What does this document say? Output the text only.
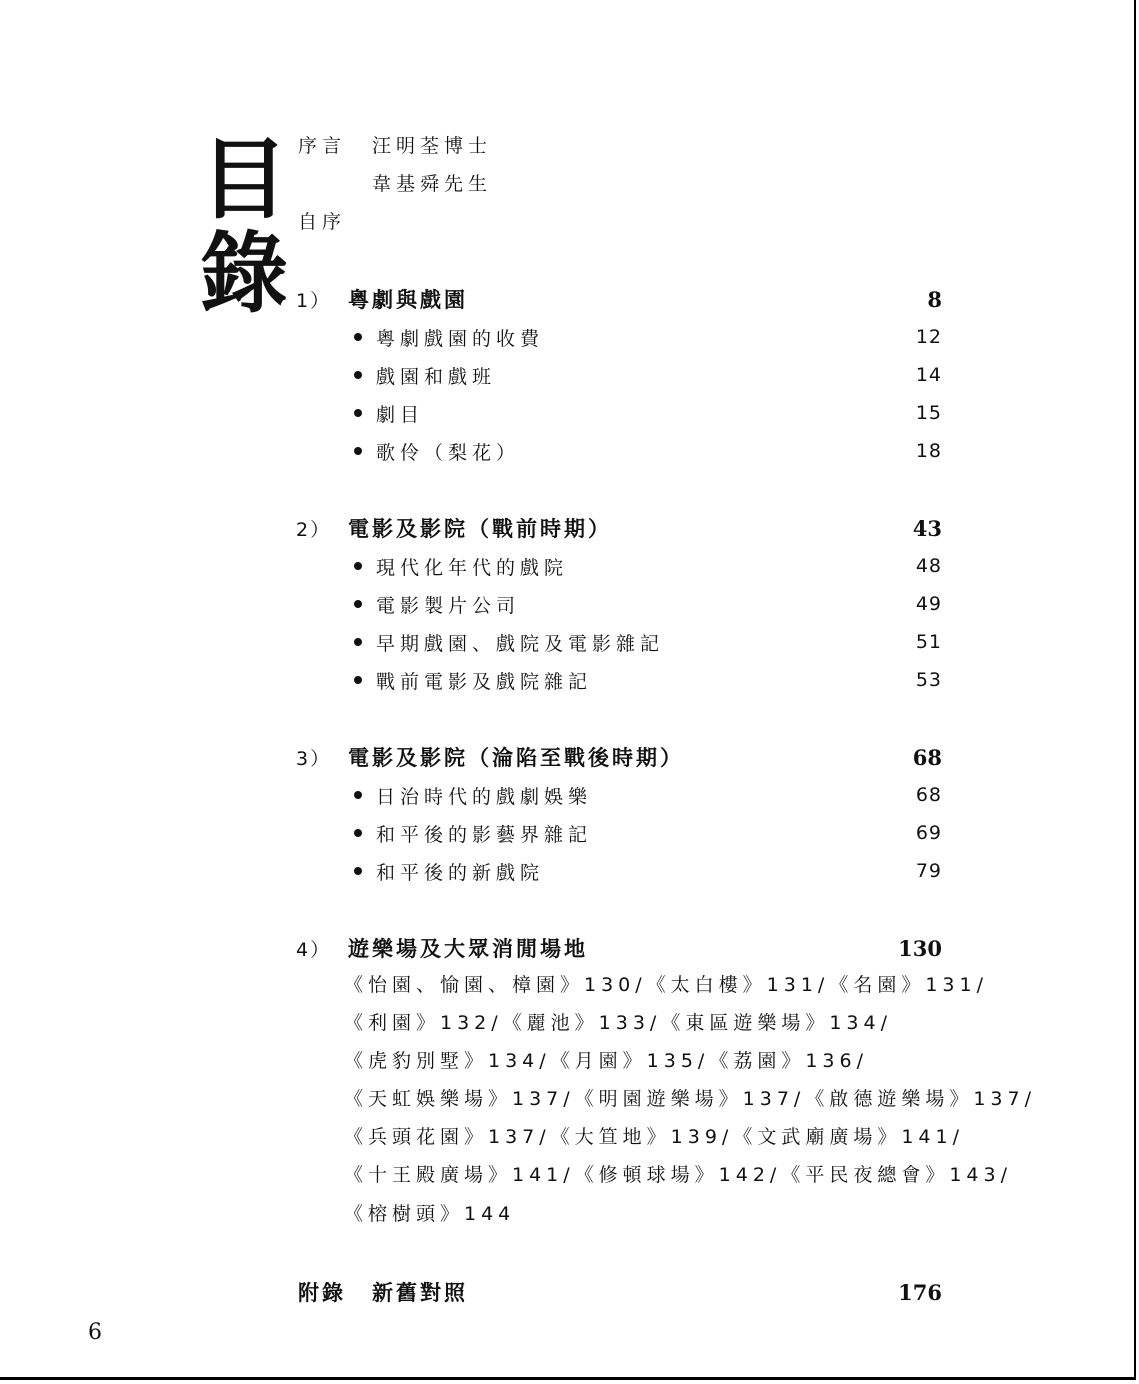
目
錄
序言 汪明荃博士
韋基舜先生
自序
1） 粵劇與戲園	8
粵劇戲園的收費	12
戲園和戲班	14
劇目	15
歌伶（梨花）	18
2） 電影及影院（戰前時期）	43
現代化年代的戲院	48
電影製片公司	49
早期戲園、戲院及電影雜記	51
戰前電影及戲院雜記	53
3） 電影及影院（淪陷至戰後時期）	68
日治時代的戲劇娛樂	68
和平後的影藝界雜記	69
和平後的新戲院	79
4） 遊樂場及大眾消閒場地	130
《怡園、愉園、樟園》130/《太白樓》131/《名園》131/
《利園》132/《麗池》133/《東區遊樂場》134/
《虎豹別墅》134/《月園》135/《荔園》136/
《天虹娛樂場》137/《明園遊樂場》137/《啟德遊樂場》137/
《兵頭花園》137/《大笪地》139/《文武廟廣場》141/
《十王殿廣場》141/《修頓球場》142/《平民夜總會》143/
《榕樹頭》144
附錄	新舊對照	176
6
